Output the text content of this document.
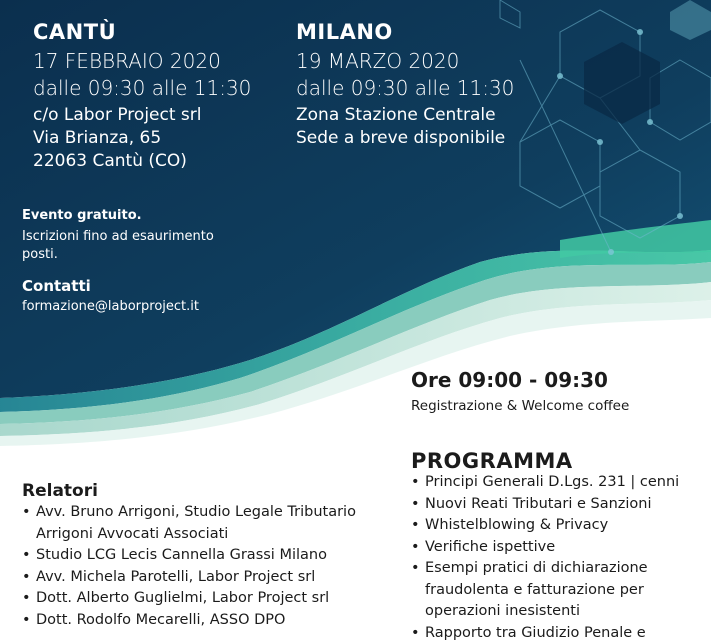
CANTÙ
17 FEBBRAIO 2020
dalle 09:30 alle 11:30
c/o Labor Project srl
Via Brianza, 65
22063 Cantù (CO)
MILANO
19 MARZO 2020
dalle 09:30 alle 11:30
Zona Stazione Centrale
Sede a breve disponibile
Evento gratuito.
Iscrizioni fino ad esaurimento
posti.
Contatti
formazione@laborproject.it
Ore 09:00 - 09:30
Registrazione & Welcome coffee
PROGRAMMA
• Principi Generali D.Lgs. 231 | cenni
• Nuovi Reati Tributari e Sanzioni
• Whistelblowing & Privacy
• Verifiche ispettive
• Esempi pratici di dichiarazione
fraudolenta e fatturazione per
operazioni inesistenti
• Rapporto tra Giudizio Penale e
Relatori
• Avv. Bruno Arrigoni, Studio Legale Tributario
Arrigoni Avvocati Associati
• Studio LCG Lecis Cannella Grassi Milano
• Avv. Michela Parotelli, Labor Project srl
• Dott. Alberto Guglielmi, Labor Project srl
• Dott. Rodolfo Mecarelli, ASSO DPO
